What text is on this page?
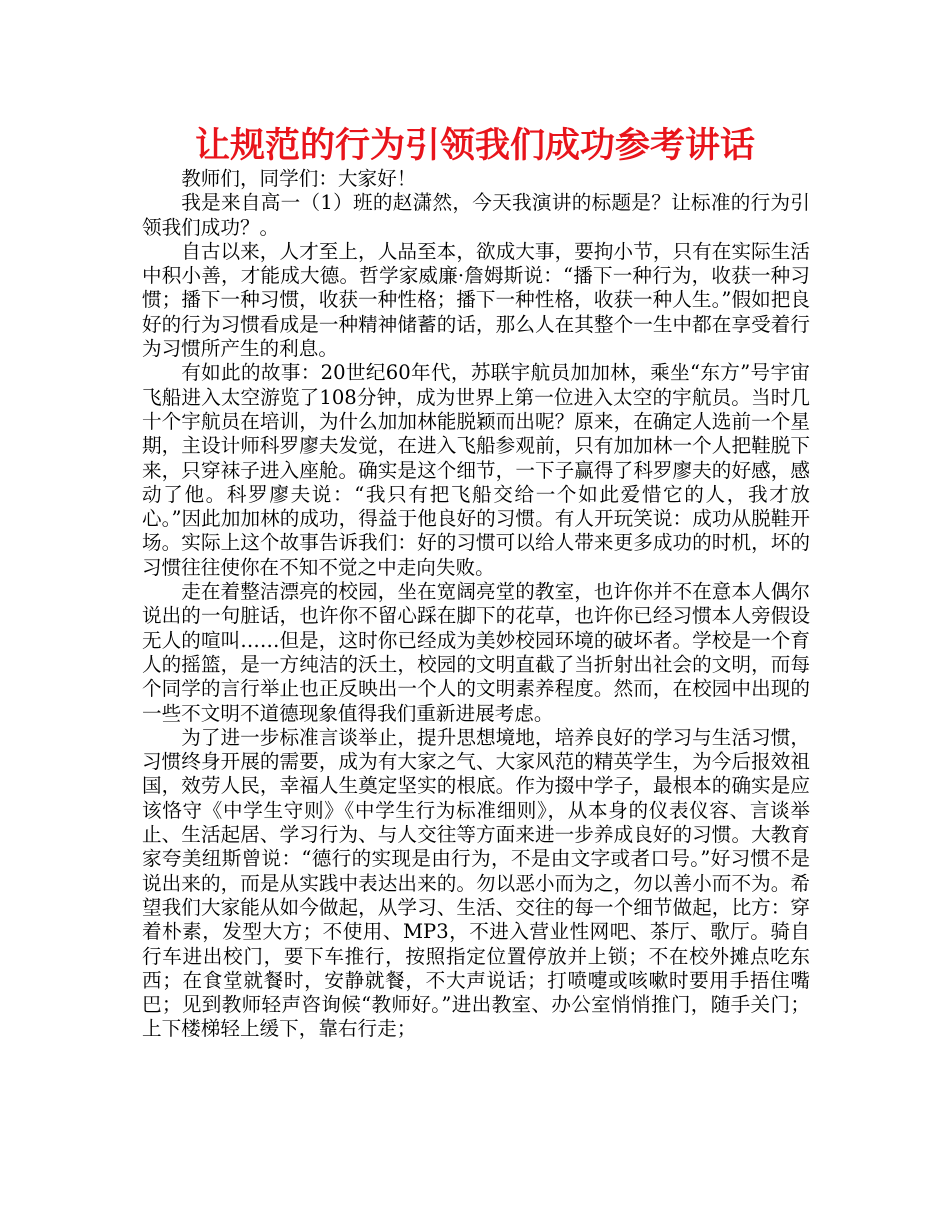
让规范的行为引领我们成功参考讲话

教师们，同学们：大家好！

我是来自高一（1）班的赵潇然，今天我演讲的标题是？让标准的行为引领我们成功？。

自古以来，人才至上，人品至本，欲成大事，要拘小节，只有在实际生活中积小善，才能成大德。哲学家威廉·詹姆斯说：“播下一种行为，收获一种习惯；播下一种习惯，收获一种性格；播下一种性格，收获一种人生。”假如把良好的行为习惯看成是一种精神储蓄的话，那么人在其整个一生中都在享受着行为习惯所产生的利息。

有如此的故事：20世纪60年代，苏联宇航员加加林，乘坐“东方”号宇宙飞船进入太空游览了108分钟，成为世界上第一位进入太空的宇航员。当时几十个宇航员在培训，为什么加加林能脱颖而出呢？原来，在确定人选前一个星期，主设计师科罗廖夫发觉，在进入飞船参观前，只有加加林一个人把鞋脱下来，只穿袜子进入座舱。确实是这个细节，一下子赢得了科罗廖夫的好感，感动了他。科罗廖夫说：“我只有把飞船交给一个如此爱惜它的人，我才放心。”因此加加林的成功，得益于他良好的习惯。有人开玩笑说：成功从脱鞋开场。实际上这个故事告诉我们：好的习惯可以给人带来更多成功的时机，坏的习惯往往使你在不知不觉之中走向失败。

走在着整洁漂亮的校园，坐在宽阔亮堂的教室，也许你并不在意本人偶尔说出的一句脏话，也许你不留心踩在脚下的花草，也许你已经习惯本人旁假设无人的喧叫……但是，这时你已经成为美妙校园环境的破坏者。学校是一个育人的摇篮，是一方纯洁的沃土，校园的文明直截了当折射出社会的文明，而每个同学的言行举止也正反映出一个人的文明素养程度。然而，在校园中出现的一些不文明不道德现象值得我们重新进展考虑。

为了进一步标准言谈举止，提升思想境地，培养良好的学习与生活习惯，习惯终身开展的需要，成为有大家之气、大家风范的精英学生，为今后报效祖国，效劳人民，幸福人生奠定坚实的根底。作为掇中学子，最根本的确实是应该恪守《中学生守则》《中学生行为标准细则》，从本身的仪表仪容、言谈举止、生活起居、学习行为、与人交往等方面来进一步养成良好的习惯。大教育家夸美纽斯曾说：“德行的实现是由行为，不是由文字或者口号。”好习惯不是说出来的，而是从实践中表达出来的。勿以恶小而为之，勿以善小而不为。希望我们大家能从如今做起，从学习、生活、交往的每一个细节做起，比方：穿着朴素，发型大方；不使用、MP3，不进入营业性网吧、茶厅、歌厅。骑自行车进出校门，要下车推行，按照指定位置停放并上锁；不在校外摊点吃东西；在食堂就餐时，安静就餐，不大声说话；打喷嚏或咳嗽时要用手捂住嘴巴；见到教师轻声咨询候“教师好。”进出教室、办公室悄悄推门，随手关门；上下楼梯轻上缓下，靠右行走；
